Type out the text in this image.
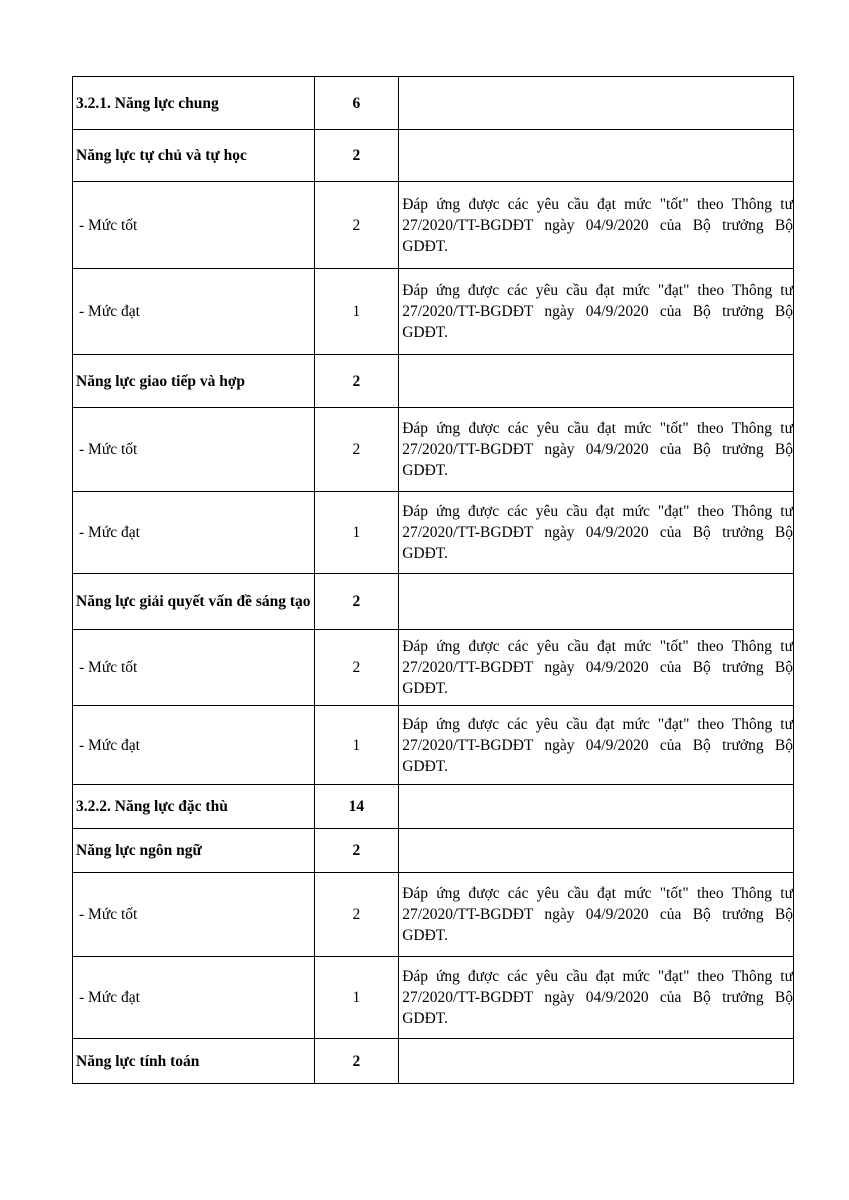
3.2.1. Năng lực chung	6	
Năng lực tự chủ và tự học	2	
- Mức tốt	2	Đáp ứng được các yêu cầu đạt mức "tốt" theo Thông tư 27/2020/TT-BGDĐT ngày 04/9/2020 của Bộ trưởng Bộ GDĐT.
- Mức đạt	1	Đáp ứng được các yêu cầu đạt mức "đạt" theo Thông tư 27/2020/TT-BGDĐT ngày 04/9/2020 của Bộ trưởng Bộ GDĐT.
Năng lực giao tiếp và hợp	2	
- Mức tốt	2	Đáp ứng được các yêu cầu đạt mức "tốt" theo Thông tư 27/2020/TT-BGDĐT ngày 04/9/2020 của Bộ trưởng Bộ GDĐT.
- Mức đạt	1	Đáp ứng được các yêu cầu đạt mức "đạt" theo Thông tư 27/2020/TT-BGDĐT ngày 04/9/2020 của Bộ trưởng Bộ GDĐT.
Năng lực giải quyết vấn đề sáng tạo	2	
- Mức tốt	2	Đáp ứng được các yêu cầu đạt mức "tốt" theo Thông tư 27/2020/TT-BGDĐT ngày 04/9/2020 của Bộ trưởng Bộ GDĐT.
- Mức đạt	1	Đáp ứng được các yêu cầu đạt mức "đạt" theo Thông tư 27/2020/TT-BGDĐT ngày 04/9/2020 của Bộ trưởng Bộ GDĐT.
3.2.2. Năng lực đặc thù	14	
Năng lực ngôn ngữ	2	
- Mức tốt	2	Đáp ứng được các yêu cầu đạt mức "tốt" theo Thông tư 27/2020/TT-BGDĐT ngày 04/9/2020 của Bộ trưởng Bộ GDĐT.
- Mức đạt	1	Đáp ứng được các yêu cầu đạt mức "đạt" theo Thông tư 27/2020/TT-BGDĐT ngày 04/9/2020 của Bộ trưởng Bộ GDĐT.
Năng lực tính toán	2	
